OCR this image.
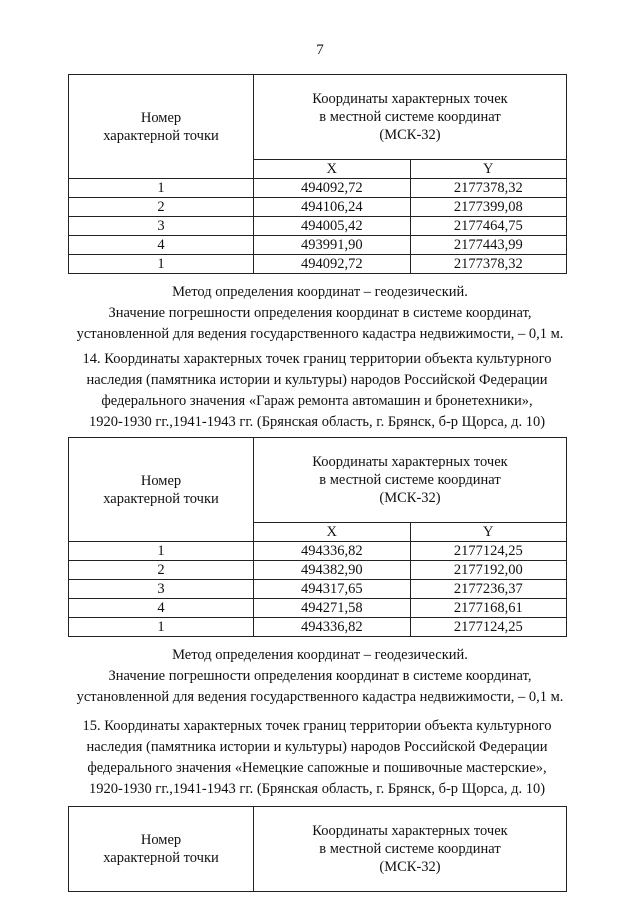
7
Номер
характерной точки	Координаты характерных точек
в местной системе координат
(МСК-32)	

	X	Y
1	494092,72	2177378,32
2	494106,24	2177399,08
3	494005,42	2177464,75
4	493991,90	2177443,99
1	494092,72	2177378,32
Метод определения координат – геодезический.
Значение погрешности определения координат в системе координат,
установленной для ведения государственного кадастра недвижимости, – 0,1 м.
14. Координаты характерных точек границ территории объекта культурного
наследия (памятника истории и культуры) народов Российской Федерации
федерального значения «Гараж ремонта автомашин и бронетехники»,
1920-1930 гг.,1941-1943 гг. (Брянская область, г. Брянск, б-р Щорса, д. 10)
Номер
характерной точки	Координаты характерных точек
в местной системе координат
(МСК-32)	

	X	Y
1	494336,82	2177124,25
2	494382,90	2177192,00
3	494317,65	2177236,37
4	494271,58	2177168,61
1	494336,82	2177124,25
Метод определения координат – геодезический.
Значение погрешности определения координат в системе координат,
установленной для ведения государственного кадастра недвижимости, – 0,1 м.
15. Координаты характерных точек границ территории объекта культурного
наследия (памятника истории и культуры) народов Российской Федерации
федерального значения «Немецкие сапожные и пошивочные мастерские»,
1920-1930 гг.,1941-1943 гг. (Брянская область, г. Брянск, б-р Щорса, д. 10)
Номер
характерной точки

Координаты характерных точек
в местной системе координат
(МСК-32)
